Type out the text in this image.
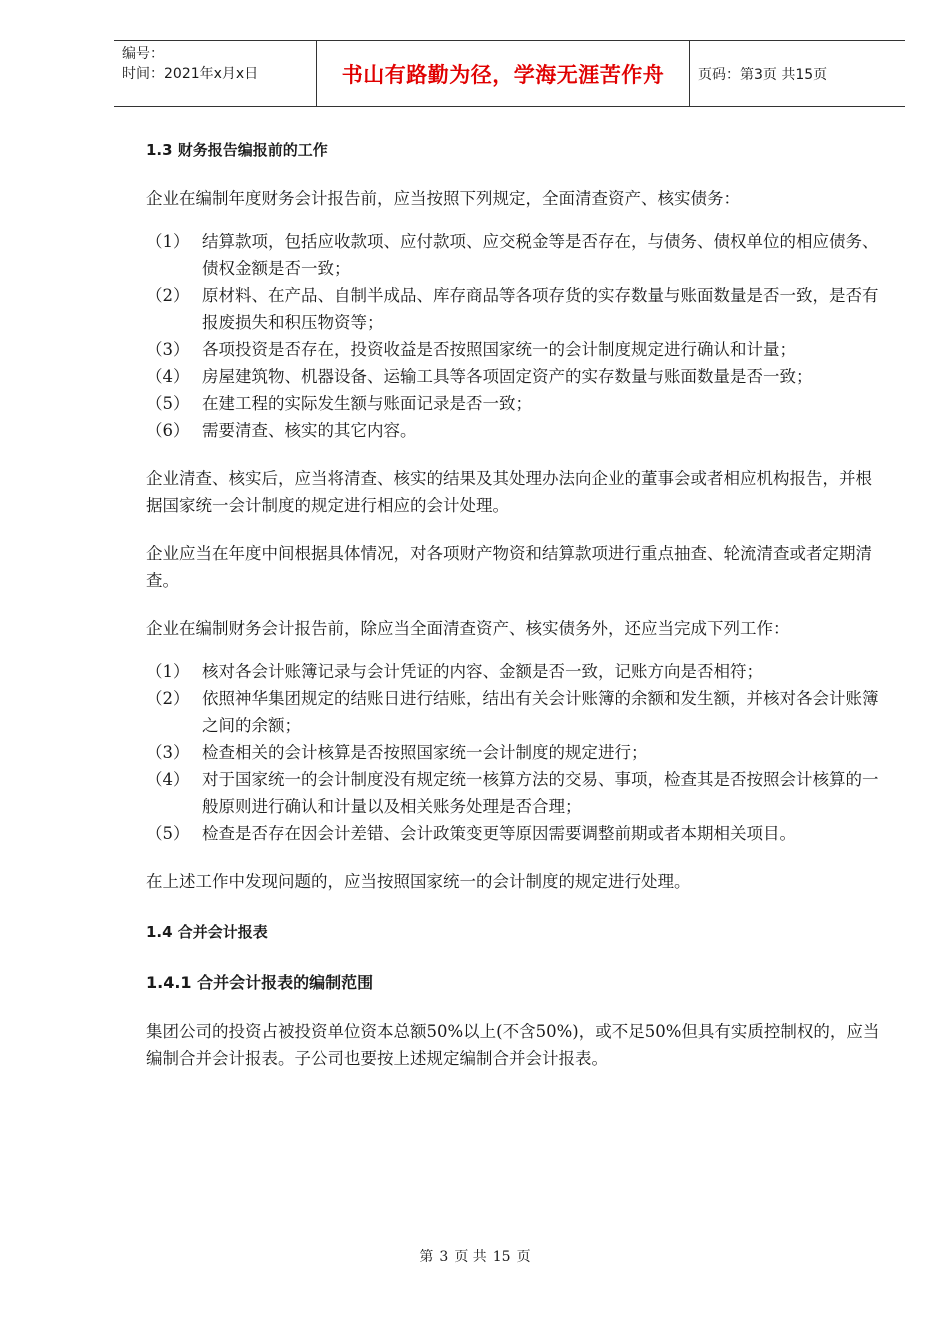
编号：
时间：2021年x月x日	书山有路勤为径，学海无涯苦作舟	页码：第3页 共15页
1.3 财务报告编报前的工作

企业在编制年度财务会计报告前，应当按照下列规定，全面清查资产、核实债务：

（1） 结算款项，包括应收款项、应付款项、应交税金等是否存在，与债务、债权单位的相应债务、债权金额是否一致；
（2） 原材料、在产品、自制半成品、库存商品等各项存货的实存数量与账面数量是否一致，是否有报废损失和积压物资等；
（3） 各项投资是否存在，投资收益是否按照国家统一的会计制度规定进行确认和计量；
（4） 房屋建筑物、机器设备、运输工具等各项固定资产的实存数量与账面数量是否一致；
（5） 在建工程的实际发生额与账面记录是否一致；
（6） 需要清查、核实的其它内容。

企业清查、核实后，应当将清查、核实的结果及其处理办法向企业的董事会或者相应机构报告，并根据国家统一会计制度的规定进行相应的会计处理。

企业应当在年度中间根据具体情况，对各项财产物资和结算款项进行重点抽查、轮流清查或者定期清查。

企业在编制财务会计报告前，除应当全面清查资产、核实债务外，还应当完成下列工作：

（1） 核对各会计账簿记录与会计凭证的内容、金额是否一致，记账方向是否相符；
（2） 依照神华集团规定的结账日进行结账，结出有关会计账簿的余额和发生额，并核对各会计账簿之间的余额；
（3） 检查相关的会计核算是否按照国家统一会计制度的规定进行；
（4） 对于国家统一的会计制度没有规定统一核算方法的交易、事项，检查其是否按照会计核算的一般原则进行确认和计量以及相关账务处理是否合理；
（5） 检查是否存在因会计差错、会计政策变更等原因需要调整前期或者本期相关项目。

在上述工作中发现问题的，应当按照国家统一的会计制度的规定进行处理。

1.4 合并会计报表
1.4.1 合并会计报表的编制范围

集团公司的投资占被投资单位资本总额50%以上(不含50%)，或不足50%但具有实质控制权的，应当编制合并会计报表。子公司也要按上述规定编制合并会计报表。

第 3 页 共 15 页
